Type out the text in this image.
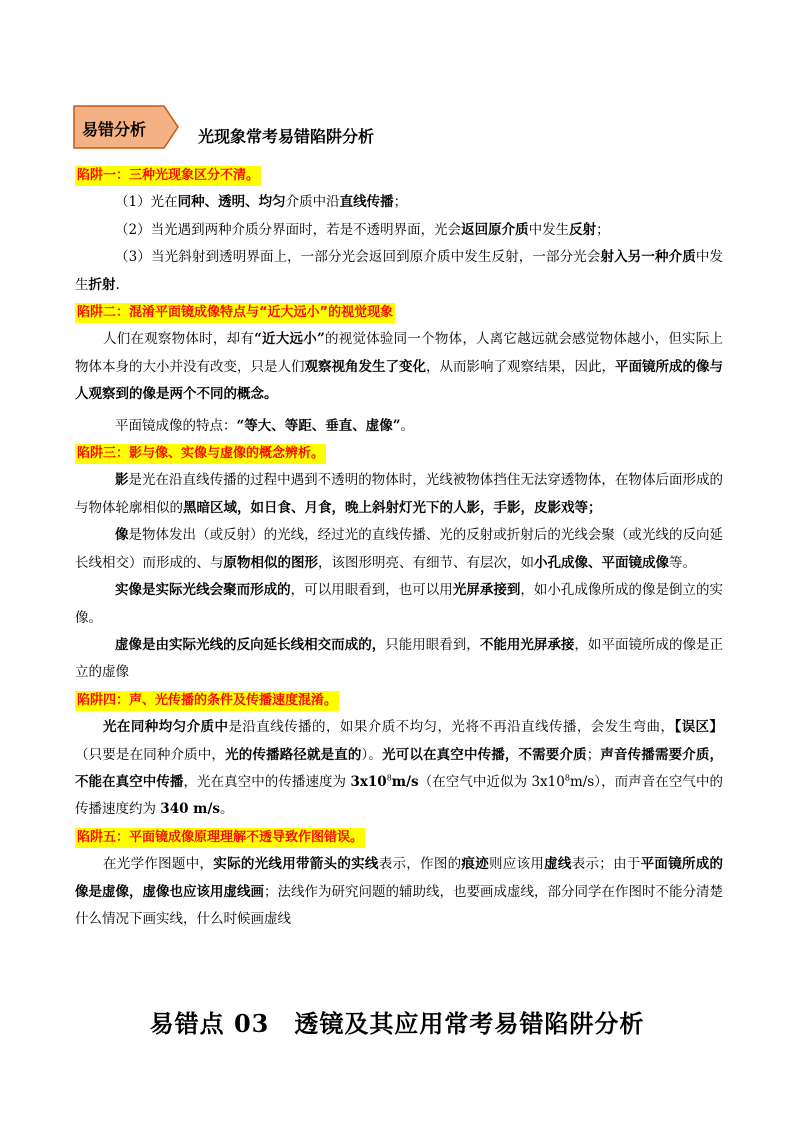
易错分析	光现象常考易错陷阱分析
陷阱一：三种光现象区分不清。

（1）光在同种、透明、均匀介质中沿直线传播；

（2）当光遇到两种介质分界面时，若是不透明界面，光会返回原介质中发生反射；

（3）当光斜射到透明界面上，一部分光会返回到原介质中发生反射，一部分光会射入另一种介质中发生折射.

陷阱二：混淆平面镜成像特点与“近大远小”的视觉现象

人们在观察物体时，却有“近大远小”的视觉体验同一个物体，人离它越远就会感觉物体越小，但实际上物体本身的大小并没有改变，只是人们观察视角发生了变化，从而影响了观察结果，因此，平面镜所成的像与人观察到的像是两个不同的概念。

平面镜成像的特点：“等大、等距、垂直、虚像”。

陷阱三：影与像、实像与虚像的概念辨析。

影是光在沿直线传播的过程中遇到不透明的物体时，光线被物体挡住无法穿透物体，在物体后面形成的与物体轮廓相似的黑暗区域，如日食、月食，晚上斜射灯光下的人影，手影，皮影戏等；

像是物体发出（或反射）的光线，经过光的直线传播、光的反射或折射后的光线会聚（或光线的反向延长线相交）而形成的、与原物相似的图形，该图形明亮、有细节、有层次，如小孔成像、平面镜成像等。

实像是实际光线会聚而形成的，可以用眼看到，也可以用光屏承接到，如小孔成像所成的像是倒立的实像。

虚像是由实际光线的反向延长线相交而成的，只能用眼看到，不能用光屏承接，如平面镜所成的像是正立的虚像

陷阱四：声、光传播的条件及传播速度混淆。

光在同种均匀介质中是沿直线传播的，如果介质不均匀，光将不再沿直线传播，会发生弯曲，【误区】（只要是在同种介质中，光的传播路径就是直的）。光可以在真空中传播，不需要介质；声音传播需要介质，不能在真空中传播，光在真空中的传播速度为 $3x10^8m/s$（在空气中近似为 $3x10^8m/s$），而声音在空气中的传播速度约为 340 m/s。

陷阱五：平面镜成像原理理解不透导致作图错误。

在光学作图题中，实际的光线用带箭头的实线表示，作图的痕迹则应该用虚线表示；由于平面镜所成的像是虚像，虚像也应该用虚线画；法线作为研究问题的辅助线，也要画成虚线，部分同学在作图时不能分清楚什么情况下画实线，什么时候画虚线

易错点 03　透镜及其应用常考易错陷阱分析
